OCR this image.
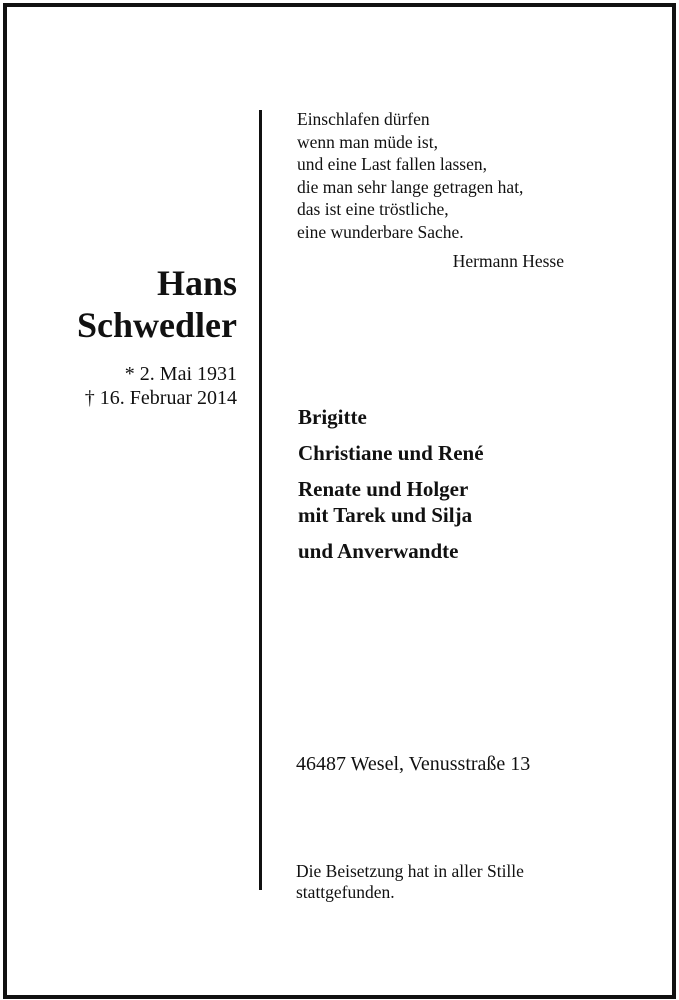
Hans
Schwedler
* 2. Mai 1931
† 16. Februar 2014
Einschlafen dürfen
wenn man müde ist,
und eine Last fallen lassen,
die man sehr lange getragen hat,
das ist eine tröstliche,
eine wunderbare Sache.
Hermann Hesse
Brigitte
Christiane und René
Renate und Holger
mit Tarek und Silja
und Anverwandte
46487 Wesel, Venusstraße 13
Die Beisetzung hat in aller Stille stattgefunden.
